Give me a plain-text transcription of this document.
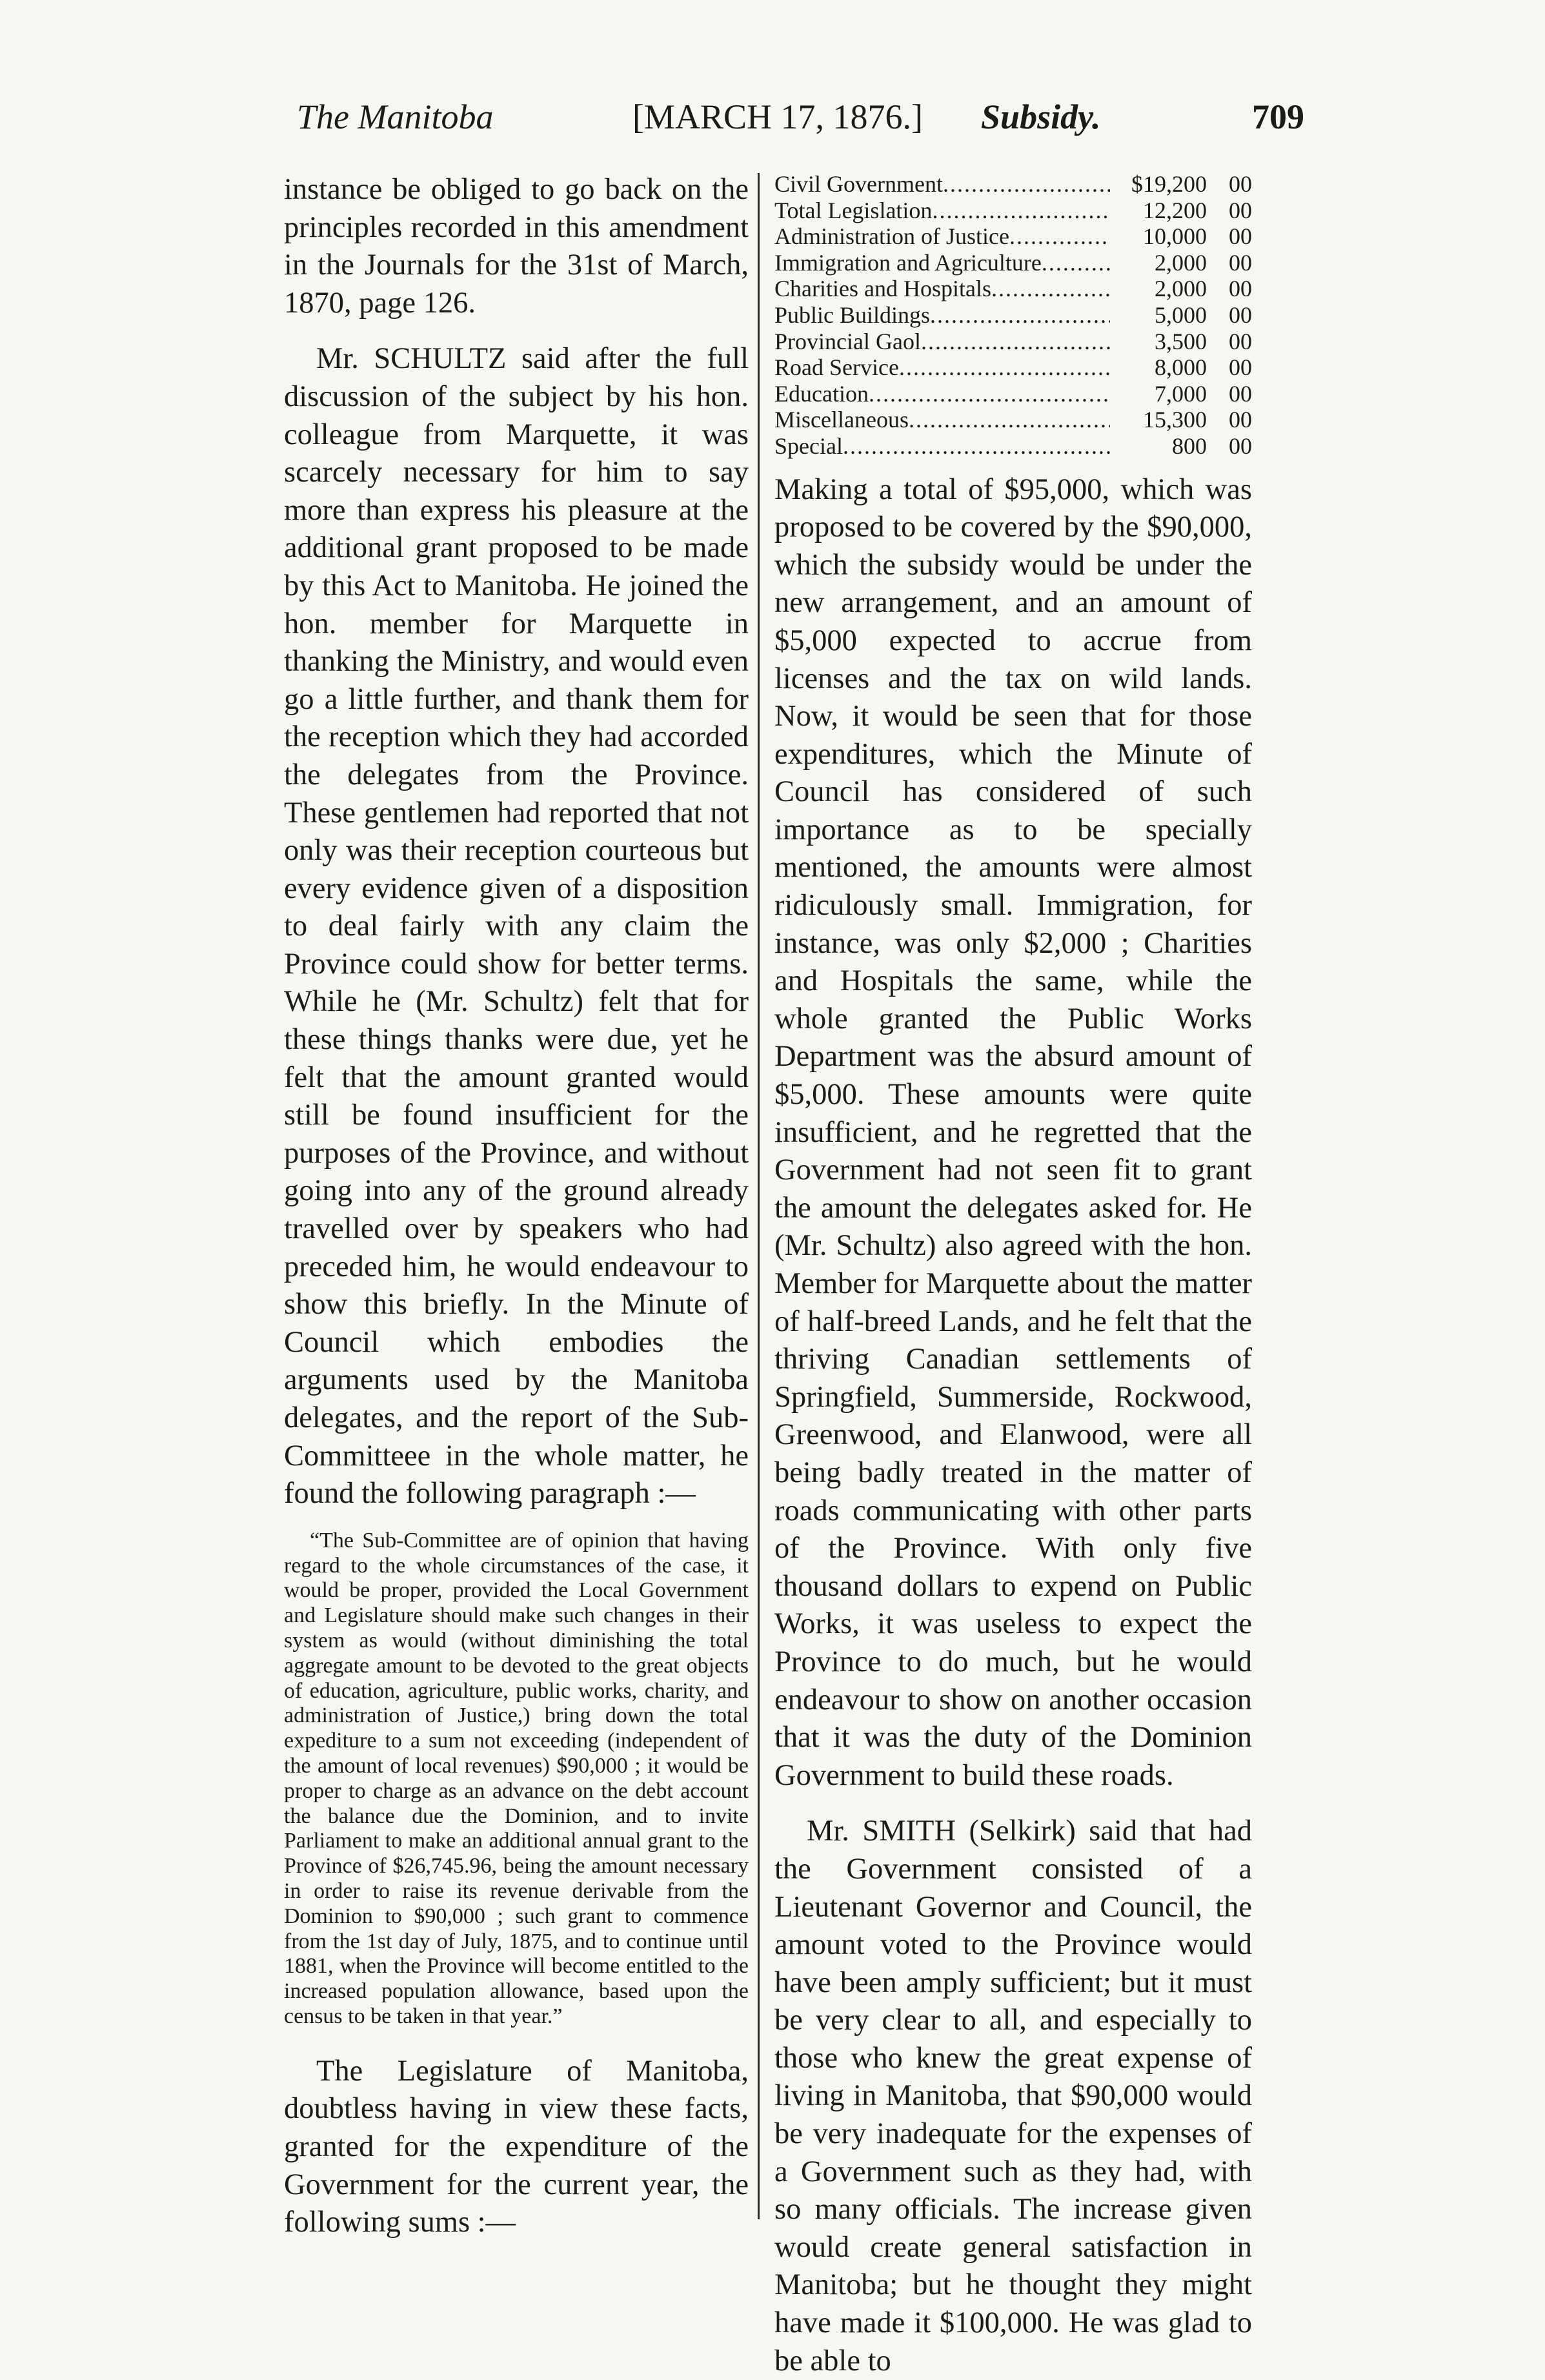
The Manitoba	[MARCH 17, 1876.] Subsidy.	709

instance be obliged to go back on the principles recorded in this amendment in the Journals for the 31st of March, 1870, page 126.

Mr. SCHULTZ said after the full discussion of the subject by his hon. colleague from Marquette, it was scarcely necessary for him to say more than express his pleasure at the additional grant proposed to be made by this Act to Manitoba. He joined the hon. member for Marquette in thanking the Ministry, and would even go a little further, and thank them for the reception which they had accorded the delegates from the Province. These gentlemen had reported that not only was their reception courteous but every evidence given of a disposition to deal fairly with any claim the Province could show for better terms. While he (Mr. Schultz) felt that for these things thanks were due, yet he felt that the amount granted would still be found insufficient for the purposes of the Province, and without going into any of the ground already travelled over by speakers who had preceded him, he would endeavour to show this briefly. In the Minute of Council which embodies the arguments used by the Manitoba delegates, and the report of the Sub-Committeee in the whole matter, he found the following paragraph :—

“The Sub-Committee are of opinion that having regard to the whole circumstances of the case, it would be proper, provided the Local Government and Legislature should make such changes in their system as would (without diminishing the total aggregate amount to be devoted to the great objects of education, agriculture, public works, charity, and administration of Justice,) bring down the total expediture to a sum not exceeding (independent of the amount of local revenues) $90,000 ; it would be proper to charge as an advance on the debt account the balance due the Dominion, and to invite Parliament to make an additional annual grant to the Province of $26,745.96, being the amount necessary in order to raise its revenue derivable from the Dominion to $90,000 ; such grant to commence from the 1st day of July, 1875, and to continue until 1881, when the Province will become entitled to the increased population allowance, based upon the census to be taken in that year.”

The Legislature of Manitoba, doubtless having in view these facts, granted for the expenditure of the Government for the current year, the following sums :—

Civil Government .....	$19,200 00
Total Legislation .....	12,200 00
Administration of Justice .....	10,000 00
Immigration and Agriculture .....	2,000 00
Charities and Hospitals .....	2,000 00
Public Buildings .....	5,000 00
Provincial Gaol .....	3,500 00
Road Service .....	8,000 00
Education .....	7,000 00
Miscellaneous .....	15,300 00
Special .....	800 00

Making a total of $95,000, which was proposed to be covered by the $90,000, which the subsidy would be under the new arrangement, and an amount of $5,000 expected to accrue from licenses and the tax on wild lands. Now, it would be seen that for those expenditures, which the Minute of Council has considered of such importance as to be specially mentioned, the amounts were almost ridiculously small. Immigration, for instance, was only $2,000 ; Charities and Hospitals the same, while the whole granted the Public Works Department was the absurd amount of $5,000. These amounts were quite insufficient, and he regretted that the Government had not seen fit to grant the amount the delegates asked for. He (Mr. Schultz) also agreed with the hon. Member for Marquette about the matter of half-breed Lands, and he felt that the thriving Canadian settlements of Springfield, Summerside, Rockwood, Greenwood, and Elanwood, were all being badly treated in the matter of roads communicating with other parts of the Province. With only five thousand dollars to expend on Public Works, it was useless to expect the Province to do much, but he would endeavour to show on another occasion that it was the duty of the Dominion Government to build these roads.

Mr. SMITH (Selkirk) said that had the Government consisted of a Lieutenant Governor and Council, the amount voted to the Province would have been amply sufficient; but it must be very clear to all, and especially to those who knew the great expense of living in Manitoba, that $90,000 would be very inadequate for the expenses of a Government such as they had, with so many officials. The increase given would create general satisfaction in Manitoba; but he thought they might have made it $100,000. He was glad to be able to
